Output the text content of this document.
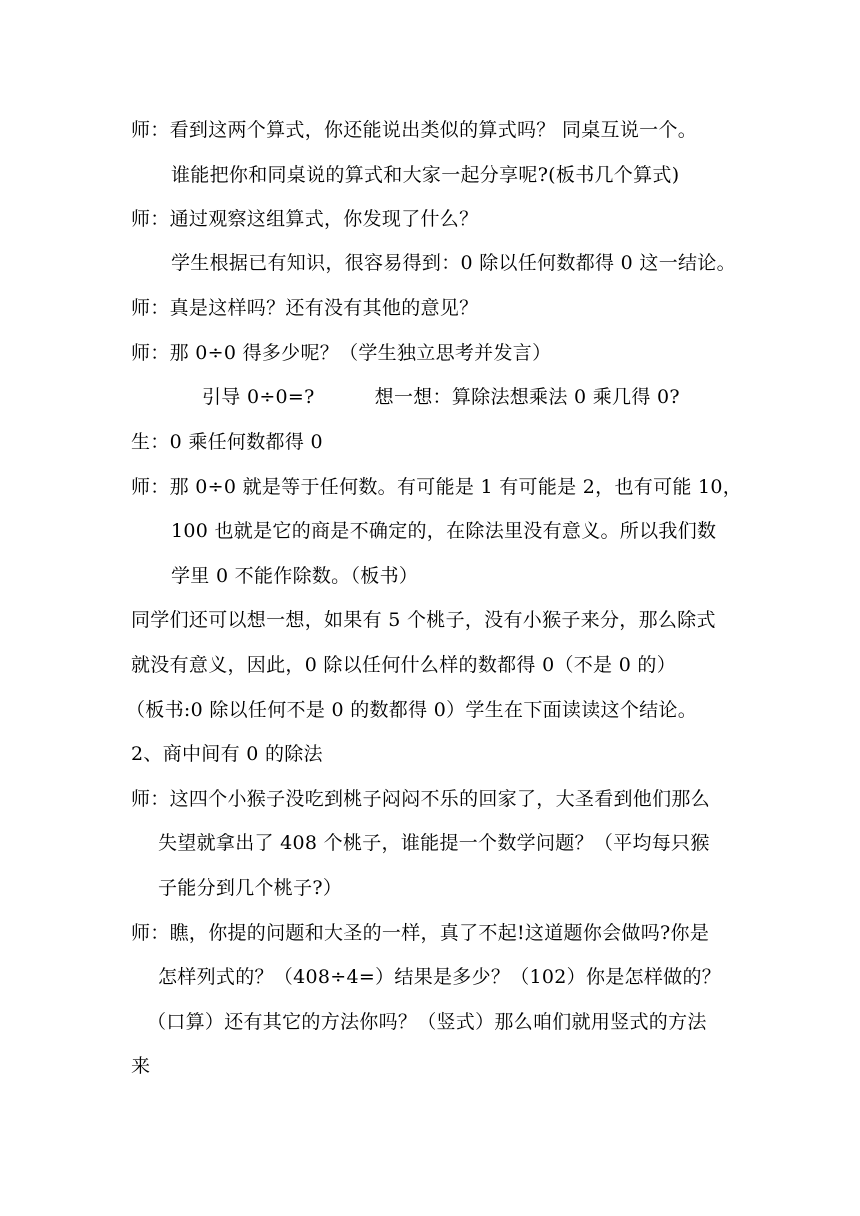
师：看到这两个算式，你还能说出类似的算式吗？ 同桌互说一个。
谁能把你和同桌说的算式和大家一起分享呢?(板书几个算式)
师：通过观察这组算式，你发现了什么？
学生根据已有知识，很容易得到：0 除以任何数都得 0 这一结论。
师：真是这样吗？还有没有其他的意见？
师：那 0÷0 得多少呢？（学生独立思考并发言）
引导 0÷0=?	想一想：算除法想乘法 0 乘几得 0?
生：0 乘任何数都得 0
师：那 0÷0 就是等于任何数。有可能是 1 有可能是 2，也有可能 10，
100 也就是它的商是不确定的，在除法里没有意义。所以我们数
学里 0 不能作除数。（板书）
同学们还可以想一想，如果有 5 个桃子，没有小猴子来分，那么除式
就没有意义，因此，0 除以任何什么样的数都得 0（不是 0 的）
（板书:0 除以任何不是 0 的数都得 0）学生在下面读读这个结论。
2、商中间有 0 的除法
师：这四个小猴子没吃到桃子闷闷不乐的回家了，大圣看到他们那么
失望就拿出了 408 个桃子，谁能提一个数学问题？（平均每只猴
子能分到几个桃子?）
师：瞧，你提的问题和大圣的一样，真了不起!这道题你会做吗?你是
怎样列式的？（408÷4=）结果是多少？（102）你是怎样做的？
（口算）还有其它的方法你吗？（竖式）那么咱们就用竖式的方法
来
